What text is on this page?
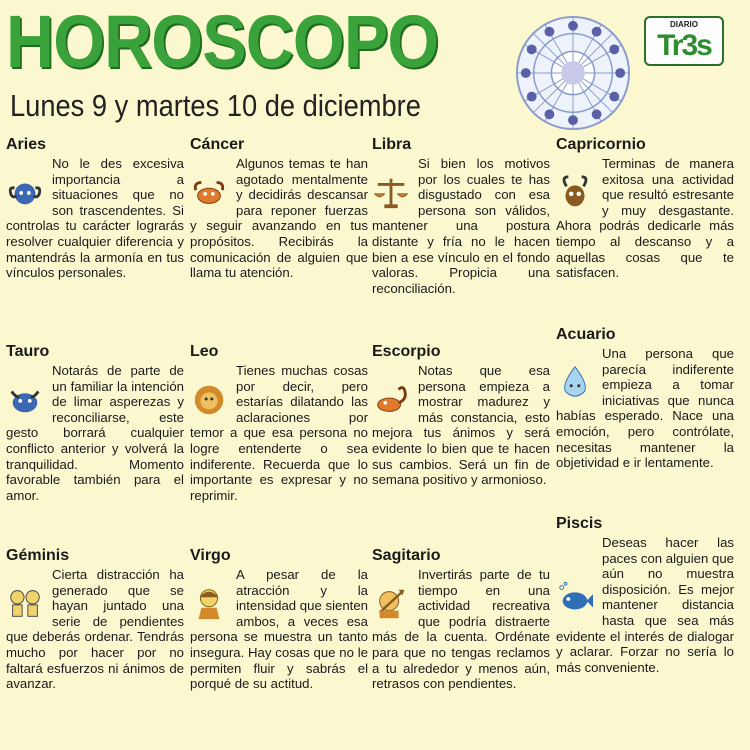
HOROSCOPO
Lunes 9 y martes 10 de diciembre
DIARIO
Tr3s
Aries

No le des excesiva importancia a situaciones que no son trascendentes. Si controlas tu carácter lograrás resolver cualquier diferencia y mantendrás la armonía en tus vínculos personales.

Tauro

Notarás de parte de un familiar la intención de limar asperezas y reconciliarse, este gesto borrará cualquier conflicto anterior y volverá la tranquilidad. Momento favorable también para el amor.

Géminis

Cierta distracción ha generado que se hayan juntado una serie de pendientes que deberás ordenar. Tendrás mucho por hacer por no faltará esfuerzos ni ánimos de avanzar.

Cáncer

Algunos temas te han agotado mentalmente y decidirás descansar para reponer fuerzas y seguir avanzando en tus propósitos. Recibirás la comunicación de alguien que llama tu atención.

Leo

Tienes muchas cosas por decir, pero estarías dilatando las aclaraciones por temor a que esa persona no logre entenderte o sea indiferente. Recuerda que lo importante es expresar y no reprimir.

Virgo

A pesar de la atracción y la intensidad que sienten ambos, a veces esa persona se muestra un tanto insegura. Hay cosas que no le permiten fluir y sabrás el porqué de su actitud.

Libra

Si bien los motivos por los cuales te has disgustado con esa persona son válidos, mantener una postura distante y fría no le hacen bien a ese vínculo en el fondo valoras. Propicia una reconciliación.

Escorpio

Notas que esa persona empieza a mostrar madurez y más constancia, esto mejora tus ánimos y será evidente lo bien que te hacen sus cambios. Será un fin de semana positivo y armonioso.

Sagitario

Invertirás parte de tu tiempo en una actividad recreativa que podría distraerte más de la cuenta. Ordénate para que no tengas reclamos a tu alrededor y menos aún, retrasos con pendientes.

Capricornio

Terminas de manera exitosa una actividad que resultó estresante y muy desgastante. Ahora podrás dedicarle más tiempo al descanso y a aquellas cosas que te satisfacen.

Acuario

Una persona que parecía indiferente empieza a tomar iniciativas que nunca habías esperado. Nace una emoción, pero contrólate, necesitas mantener la objetividad e ir lentamente.

Piscis

Deseas hacer las paces con alguien que aún no muestra disposición. Es mejor mantener distancia hasta que sea más evidente el interés de dialogar y aclarar. Forzar no sería lo más conveniente.
